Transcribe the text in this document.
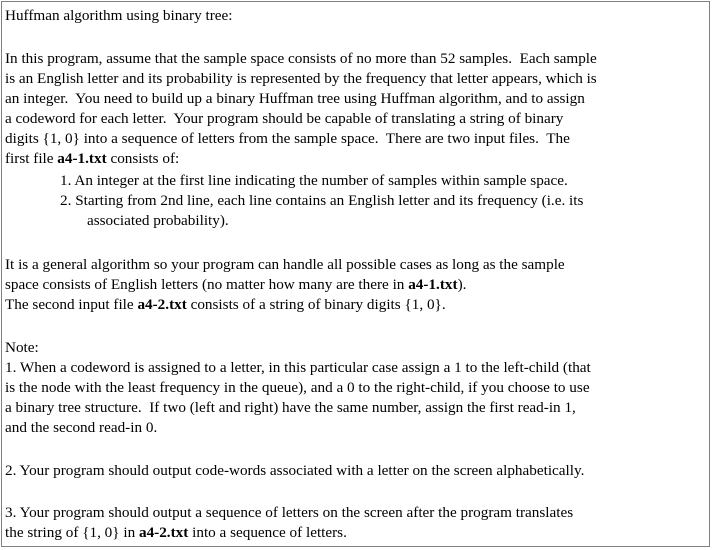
Huffman algorithm using binary tree:
In this program, assume that the sample space consists of no more than 52 samples.  Each sample
is an English letter and its probability is represented by the frequency that letter appears, which is
an integer.  You need to build up a binary Huffman tree using Huffman algorithm, and to assign
a codeword for each letter.  Your program should be capable of translating a string of binary
digits {1, 0} into a sequence of letters from the sample space.  There are two input files.  The
first file a4-1.txt consists of:
1. An integer at the first line indicating the number of samples within sample space.
2. Starting from 2nd line, each line contains an English letter and its frequency (i.e. its
associated probability).
It is a general algorithm so your program can handle all possible cases as long as the sample
space consists of English letters (no matter how many are there in a4-1.txt).
The second input file a4-2.txt consists of a string of binary digits {1, 0}.
Note:
1. When a codeword is assigned to a letter, in this particular case assign a 1 to the left-child (that
is the node with the least frequency in the queue), and a 0 to the right-child, if you choose to use
a binary tree structure.  If two (left and right) have the same number, assign the first read-in 1,
and the second read-in 0.
2. Your program should output code-words associated with a letter on the screen alphabetically.
3. Your program should output a sequence of letters on the screen after the program translates
the string of {1, 0} in a4-2.txt into a sequence of letters.
